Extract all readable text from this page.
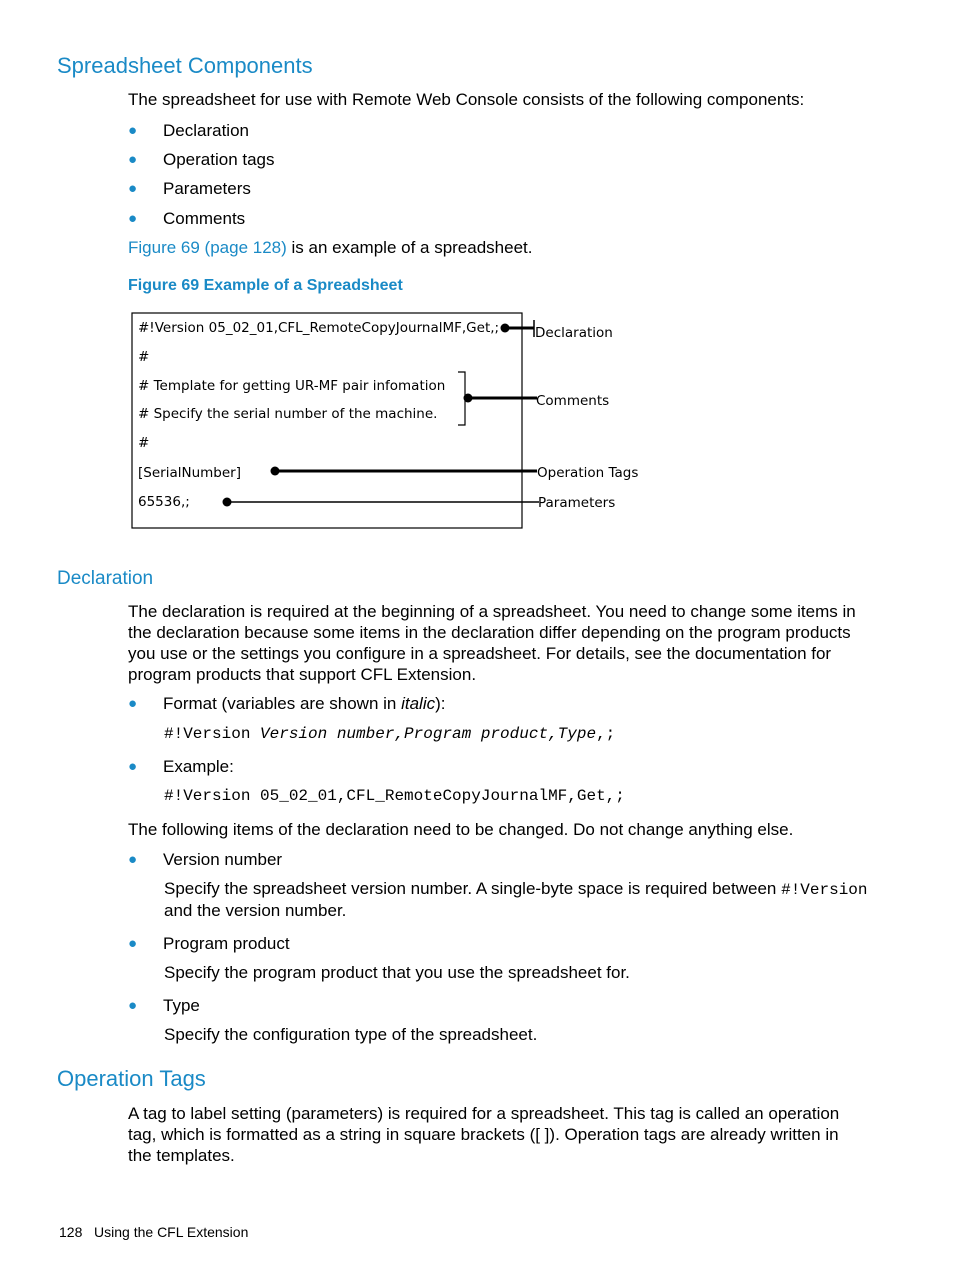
Spreadsheet Components
The spreadsheet for use with Remote Web Console consists of the following components:
● Declaration
● Operation tags
● Parameters
● Comments
Figure 69 (page 128) is an example of a spreadsheet.
Figure 69 Example of a Spreadsheet
#!Version 05_02_01,CFL_RemoteCopyJournalMF,Get,;
#
# Template for getting UR-MF pair infomation
# Specify the serial number of the machine.
#
[SerialNumber]
65536,;
Declaration
Comments
Operation Tags
Parameters
Declaration
The declaration is required at the beginning of a spreadsheet. You need to change some items in the declaration because some items in the declaration differ depending on the program products you use or the settings you configure in a spreadsheet. For details, see the documentation for program products that support CFL Extension.
● Format (variables are shown in italic):
#!Version Version number,Program product,Type,;
● Example:
#!Version 05_02_01,CFL_RemoteCopyJournalMF,Get,;
The following items of the declaration need to be changed. Do not change anything else.
● Version number
Specify the spreadsheet version number. A single-byte space is required between #!Version
and the version number.
● Program product
Specify the program product that you use the spreadsheet for.
● Type
Specify the configuration type of the spreadsheet.
Operation Tags
A tag to label setting (parameters) is required for a spreadsheet. This tag is called an operation tag, which is formatted as a string in square brackets ([ ]). Operation tags are already written in the templates.
128 Using the CFL Extension
